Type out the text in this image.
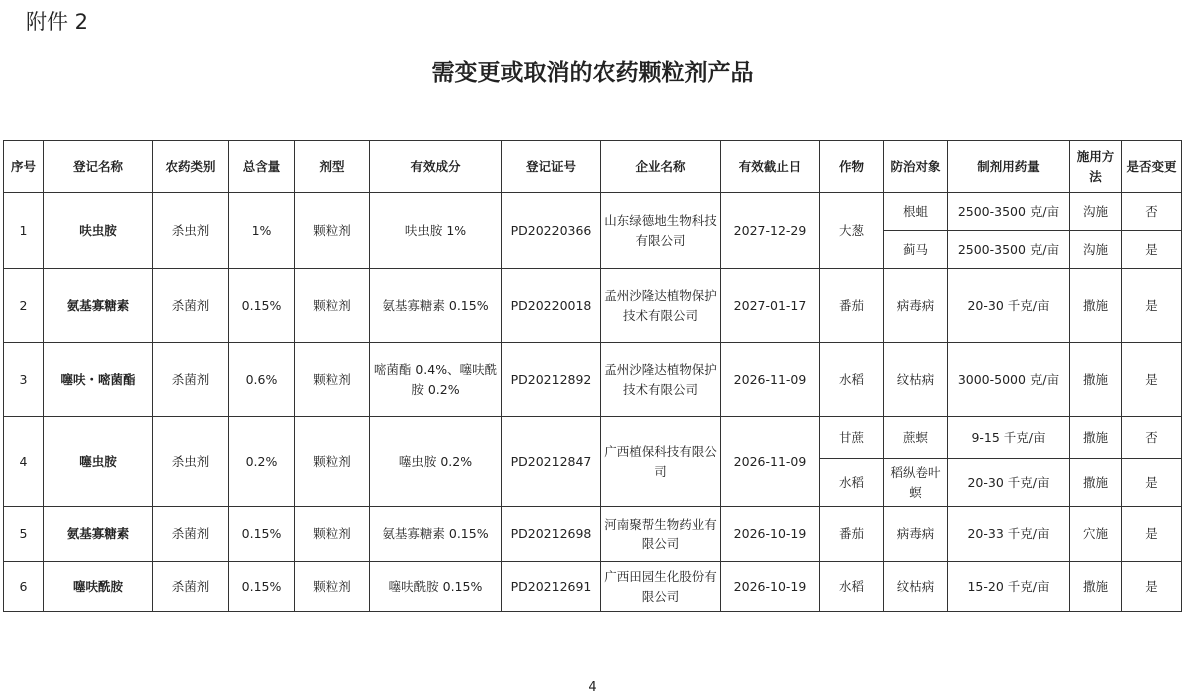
附件 2
需变更或取消的农药颗粒剂产品
序号	登记名称	农药类别	总含量	剂型	有效成分	登记证号	企业名称	有效截止日	作物	防治对象	制剂用药量	施用方法	是否变更
1	呋虫胺	杀虫剂	1%	颗粒剂	呋虫胺 1%	PD20220366	山东绿德地生物科技有限公司	2027-12-29	大葱	根蛆	2500-3500 克/亩	沟施	否
										蓟马	2500-3500 克/亩	沟施	是
2	氨基寡糖素	杀菌剂	0.15%	颗粒剂	氨基寡糖素 0.15%	PD20220018	孟州沙隆达植物保护技术有限公司	2027-01-17	番茄	病毒病	20-30 千克/亩	撒施	是
3	噻呋・嘧菌酯	杀菌剂	0.6%	颗粒剂	嘧菌酯 0.4%、噻呋酰胺 0.2%	PD20212892	孟州沙隆达植物保护技术有限公司	2026-11-09	水稻	纹枯病	3000-5000 克/亩	撒施	是
4	噻虫胺	杀虫剂	0.2%	颗粒剂	噻虫胺 0.2%	PD20212847	广西植保科技有限公司	2026-11-09	甘蔗	蔗螟	9-15 千克/亩	撒施	否
									水稻	稻纵卷叶螟	20-30 千克/亩	撒施	是
5	氨基寡糖素	杀菌剂	0.15%	颗粒剂	氨基寡糖素 0.15%	PD20212698	河南聚帮生物药业有限公司	2026-10-19	番茄	病毒病	20-33 千克/亩	穴施	是
6	噻呋酰胺	杀菌剂	0.15%	颗粒剂	噻呋酰胺 0.15%	PD20212691	广西田园生化股份有限公司	2026-10-19	水稻	纹枯病	15-20 千克/亩	撒施	是
4
